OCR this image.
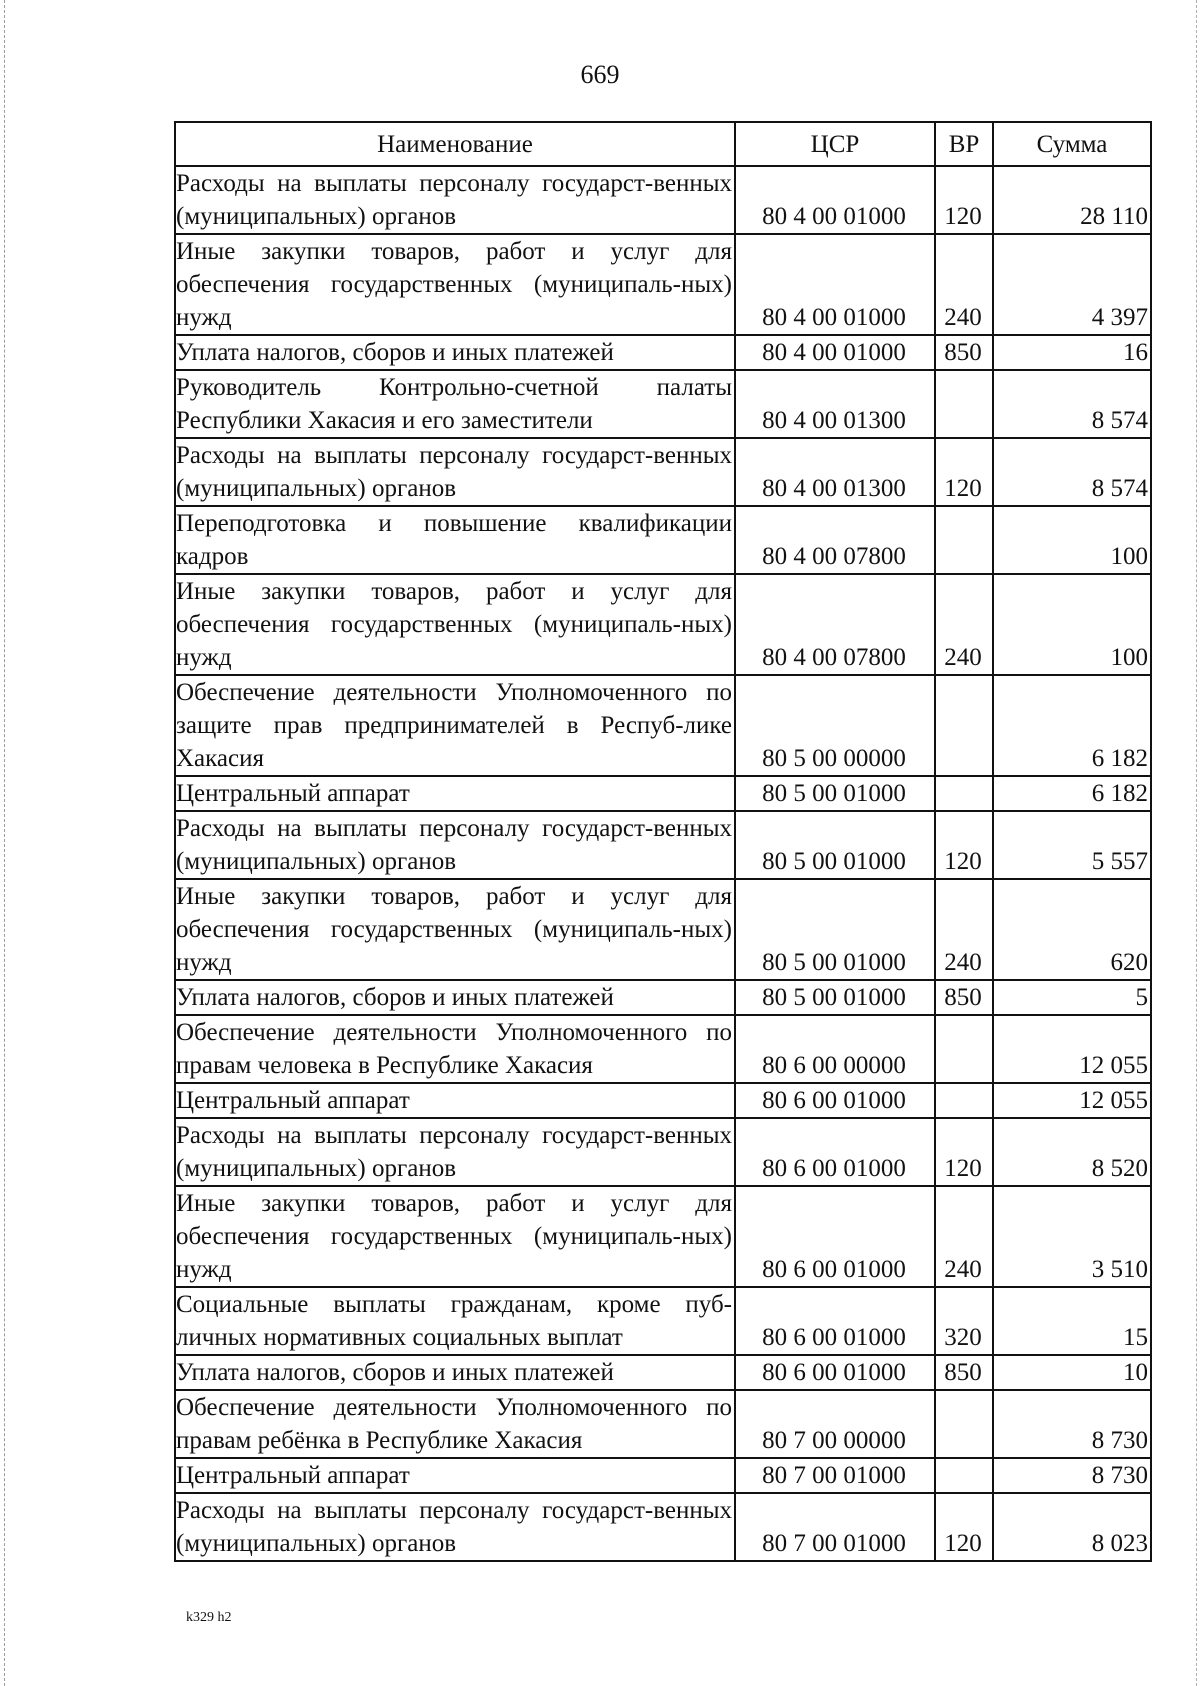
669
Наименование	ЦСР	ВР	Сумма
Расходы на выплаты персоналу государст-венных (муниципальных) органов	80 4 00 01000	120	28 110
Иные закупки товаров, работ и услуг для обеспечения государственных (муниципаль-ных) нужд	80 4 00 01000	240	4 397
Уплата налогов, сборов и иных платежей	80 4 00 01000	850	16
Руководитель Контрольно-счетной палаты Республики Хакасия и его заместители	80 4 00 01300		8 574
Расходы на выплаты персоналу государст-венных (муниципальных) органов	80 4 00 01300	120	8 574
Переподготовка и повышение квалификации кадров	80 4 00 07800		100
Иные закупки товаров, работ и услуг для обеспечения государственных (муниципаль-ных) нужд	80 4 00 07800	240	100
Обеспечение деятельности Уполномоченного по защите прав предпринимателей в Респуб-лике Хакасия	80 5 00 00000		6 182
Центральный аппарат	80 5 00 01000		6 182
Расходы на выплаты персоналу государст-венных (муниципальных) органов	80 5 00 01000	120	5 557
Иные закупки товаров, работ и услуг для обеспечения государственных (муниципаль-ных) нужд	80 5 00 01000	240	620
Уплата налогов, сборов и иных платежей	80 5 00 01000	850	5
Обеспечение деятельности Уполномоченного по правам человека в Республике Хакасия	80 6 00 00000		12 055
Центральный аппарат	80 6 00 01000		12 055
Расходы на выплаты персоналу государст-венных (муниципальных) органов	80 6 00 01000	120	8 520
Иные закупки товаров, работ и услуг для обеспечения государственных (муниципаль-ных) нужд	80 6 00 01000	240	3 510
Социальные выплаты гражданам, кроме пуб-личных нормативных социальных выплат	80 6 00 01000	320	15
Уплата налогов, сборов и иных платежей	80 6 00 01000	850	10
Обеспечение деятельности Уполномоченного по правам ребёнка в Республике Хакасия	80 7 00 00000		8 730
Центральный аппарат	80 7 00 01000		8 730
Расходы на выплаты персоналу государст-венных (муниципальных) органов	80 7 00 01000	120	8 023
k329 h2
